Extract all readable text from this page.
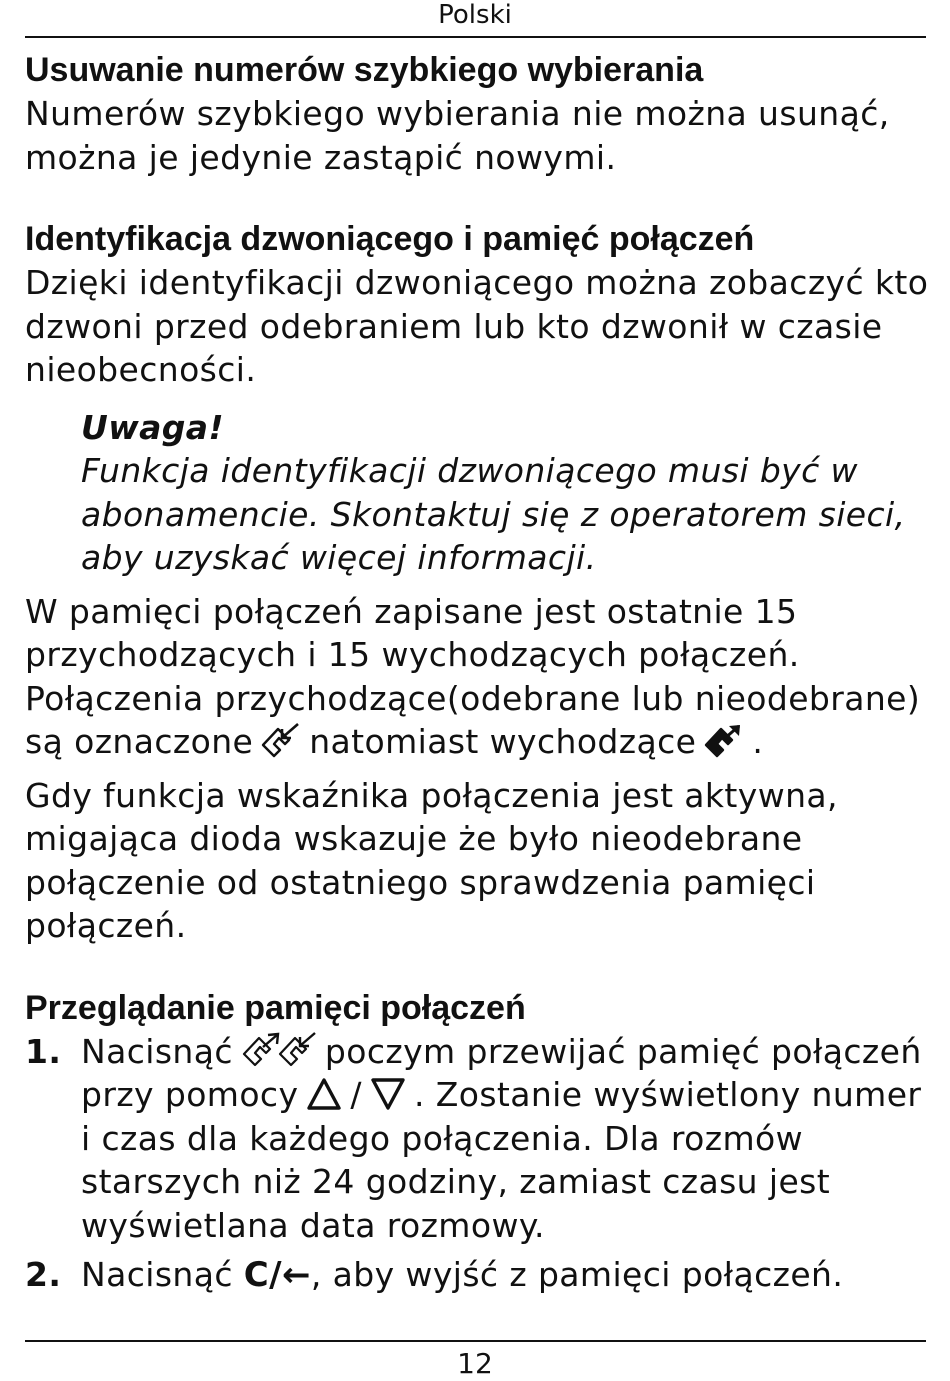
Polski
Usuwanie numerów szybkiego wybierania

Numerów szybkiego wybierania nie można usunąć, można je jedynie zastąpić nowymi.

Identyfikacja dzwoniącego i pamięć połączeń

Dzięki identyfikacji dzwoniącego można zobaczyć kto dzwoni przed odebraniem lub kto dzwonił w czasie nieobecności.

Uwaga!

Funkcja identyfikacji dzwoniącego musi być w abonamencie. Skontaktuj się z operatorem sieci, aby uzyskać więcej informacji.

W pamięci połączeń zapisane jest ostatnie 15 przychodzących i 15 wychodzących połączeń.

Połączenia przychodzące(odebrane lub nieodebrane) są oznaczone natomiast wychodzące .

Gdy funkcja wskaźnika połączenia jest aktywna, migająca dioda wskazuje że było nieodebrane połączenie od ostatniego sprawdzenia pamięci połączeń.

Przeglądanie pamięci połączeń
1. Nacisnąć	poczym przewijać pamięć połączeń przy pomocy / . Zostanie wyświetlony numer i czas dla każdego połączenia. Dla rozmów starszych niż 24 godziny, zamiast czasu jest wyświetlana data rozmowy.
2. Nacisnąć C/←, aby wyjść z pamięci połączeń.
12
